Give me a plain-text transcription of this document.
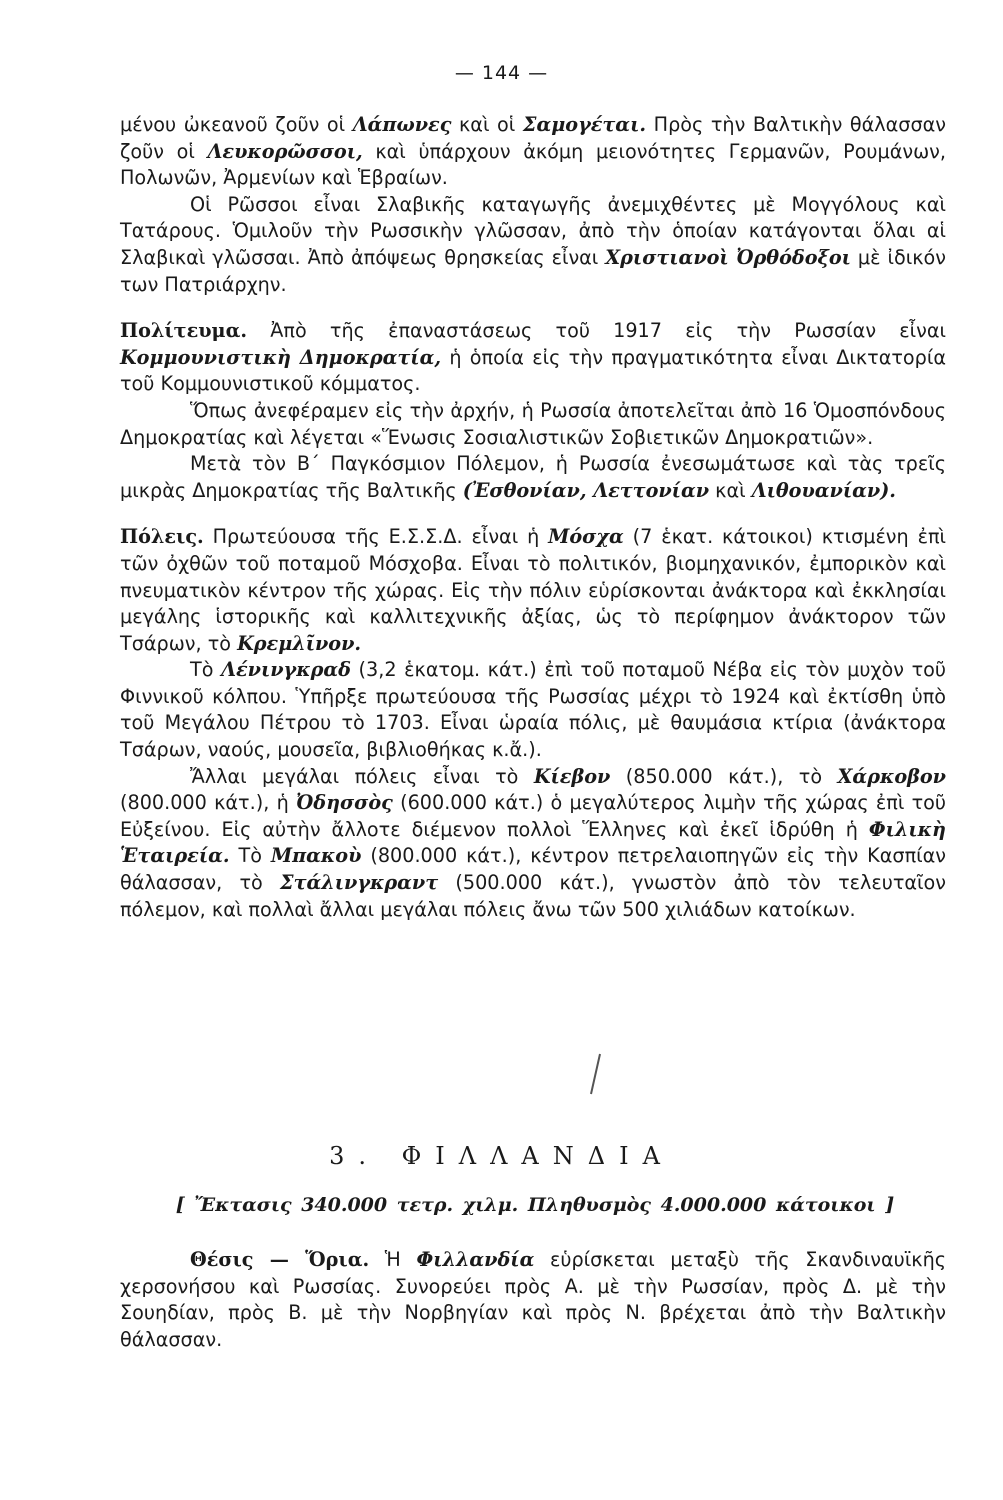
— 144 —

μένου ὠκεανοῦ ζοῦν οἱ Λάπωνες καὶ οἱ Σαμογέται. Πρὸς τὴν Βαλτικὴν θάλασσαν ζοῦν οἱ Λευκορῶσσοι, καὶ ὑπάρχουν ἀκόμη μειονότητες Γερμανῶν, Ρουμάνων, Πολωνῶν, Ἀρμενίων καὶ Ἑβραίων.

Οἱ Ρῶσσοι εἶναι Σλαβικῆς καταγωγῆς ἀνεμιχθέντες μὲ Μογγόλους καὶ Τατάρους. Ὁμιλοῦν τὴν Ρωσσικὴν γλῶσσαν, ἀπὸ τὴν ὁποίαν κατάγονται ὅλαι αἱ Σλαβικαὶ γλῶσσαι. Ἀπὸ ἀπόψεως θρησκείας εἶναι Χριστιανοὶ Ὀρθόδοξοι μὲ ἰδικόν των Πατριάρχην.

Πολίτευμα. Ἀπὸ τῆς ἐπαναστάσεως τοῦ 1917 εἰς τὴν Ρωσσίαν εἶναι Κομμουνιστικὴ Δημοκρατία, ἡ ὁποία εἰς τὴν πραγματικότητα εἶναι Δικτατορία τοῦ Κομμουνιστικοῦ κόμματος.

Ὅπως ἀνεφέραμεν εἰς τὴν ἀρχήν, ἡ Ρωσσία ἀποτελεῖται ἀπὸ 16 Ὁμοσπόνδους Δημοκρατίας καὶ λέγεται «Ἕνωσις Σοσιαλιστικῶν Σοβιετικῶν Δημοκρατιῶν».

Μετὰ τὸν Β΄ Παγκόσμιον Πόλεμον, ἡ Ρωσσία ἐνεσωμάτωσε καὶ τὰς τρεῖς μικρὰς Δημοκρατίας τῆς Βαλτικῆς (Ἐσθονίαν, Λεττονίαν καὶ Λιθουανίαν).

Πόλεις. Πρωτεύουσα τῆς Ε.Σ.Σ.Δ. εἶναι ἡ Μόσχα (7 ἑκατ. κάτοικοι) κτισμένη ἐπὶ τῶν ὀχθῶν τοῦ ποταμοῦ Μόσχοβα. Εἶναι τὸ πολιτικόν, βιομηχανικόν, ἐμπορικὸν καὶ πνευματικὸν κέντρον τῆς χώρας. Εἰς τὴν πόλιν εὑρίσκονται ἀνάκτορα καὶ ἐκκλησίαι μεγάλης ἱστορικῆς καὶ καλλιτεχνικῆς ἀξίας, ὡς τὸ περίφημον ἀνάκτορον τῶν Τσάρων, τὸ Κρεμλῖνον.

Τὸ Λένινγκραδ (3,2 ἑκατομ. κάτ.) ἐπὶ τοῦ ποταμοῦ Νέβα εἰς τὸν μυχὸν τοῦ Φιννικοῦ κόλπου. Ὑπῆρξε πρωτεύουσα τῆς Ρωσσίας μέχρι τὸ 1924 καὶ ἐκτίσθη ὑπὸ τοῦ Μεγάλου Πέτρου τὸ 1703. Εἶναι ὡραία πόλις, μὲ θαυμάσια κτίρια (ἀνάκτορα Τσάρων, ναούς, μουσεῖα, βιβλιοθήκας κ.ἄ.).

Ἄλλαι μεγάλαι πόλεις εἶναι τὸ Κίεβον (850.000 κάτ.), τὸ Χάρκοβον (800.000 κάτ.), ἡ Ὀδησσὸς (600.000 κάτ.) ὁ μεγαλύτερος λιμὴν τῆς χώρας ἐπὶ τοῦ Εὐξείνου. Εἰς αὐτὴν ἄλλοτε διέμενον πολλοὶ Ἕλληνες καὶ ἐκεῖ ἱδρύθη ἡ Φιλικὴ Ἑταιρεία. Τὸ Μπακοὺ (800.000 κάτ.), κέντρον πετρελαιοπηγῶν εἰς τὴν Κασπίαν θάλασσαν, τὸ Στάλινγκραντ (500.000 κάτ.), γνωστὸν ἀπὸ τὸν τελευταῖον πόλεμον, καὶ πολλαὶ ἄλλαι μεγάλαι πόλεις ἄνω τῶν 500 χιλιάδων κατοίκων.

3. ΦΙΛΛΑΝΔΙΑ
[ Ἔκτασις 340.000 τετρ. χιλμ. Πληθυσμὸς 4.000.000 κάτοικοι ]

Θέσις — Ὅρια. Ἡ Φιλλανδία εὑρίσκεται μεταξὺ τῆς Σκανδιναυϊκῆς χερσονήσου καὶ Ρωσσίας. Συνορεύει πρὸς Α. μὲ τὴν Ρωσσίαν, πρὸς Δ. μὲ τὴν Σουηδίαν, πρὸς Β. μὲ τὴν Νορβηγίαν καὶ πρὸς Ν. βρέχεται ἀπὸ τὴν Βαλτικὴν θάλασσαν.
